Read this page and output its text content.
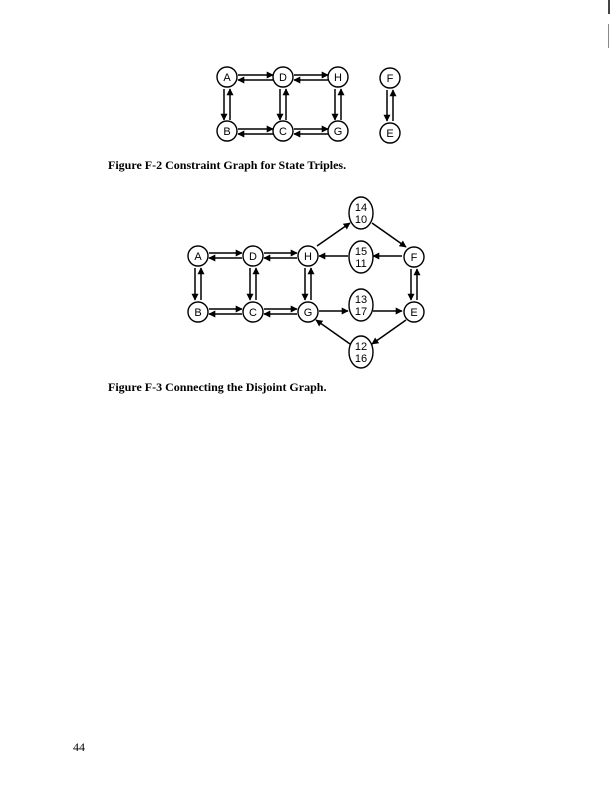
A	D	H	F
B	C	G	E
A	D	H	F
B	C	G	E
14
10
15
11
13
17
12
16
Figure F-2 Constraint Graph for State Triples.
Figure F-3 Connecting the Disjoint Graph.
44
